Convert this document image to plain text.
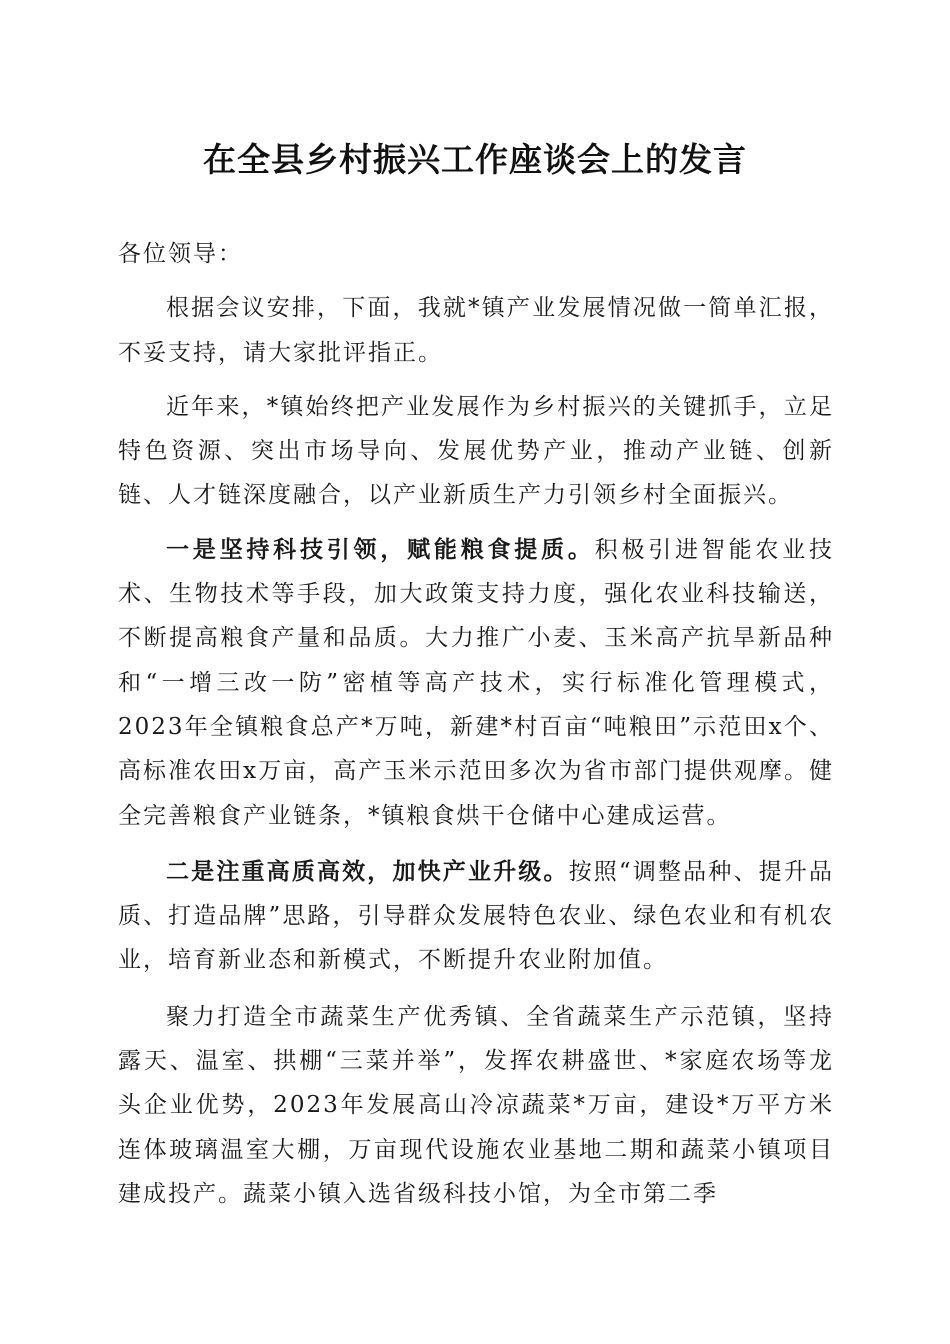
在全县乡村振兴工作座谈会上的发言

各位领导：

根据会议安排，下面，我就*镇产业发展情况做一简单汇报，不妥支持，请大家批评指正。

近年来，*镇始终把产业发展作为乡村振兴的关键抓手，立足特色资源、突出市场导向、发展优势产业，推动产业链、创新链、人才链深度融合，以产业新质生产力引领乡村全面振兴。

一是坚持科技引领，赋能粮食提质。积极引进智能农业技术、生物技术等手段，加大政策支持力度，强化农业科技输送，不断提高粮食产量和品质。大力推广小麦、玉米高产抗旱新品种和“一增三改一防”密植等高产技术，实行标准化管理模式，2023年全镇粮食总产*万吨，新建*村百亩“吨粮田”示范田x个、高标准农田x万亩，高产玉米示范田多次为省市部门提供观摩。健全完善粮食产业链条，*镇粮食烘干仓储中心建成运营。

二是注重高质高效，加快产业升级。按照“调整品种、提升品质、打造品牌”思路，引导群众发展特色农业、绿色农业和有机农业，培育新业态和新模式，不断提升农业附加值。

聚力打造全市蔬菜生产优秀镇、全省蔬菜生产示范镇，坚持露天、温室、拱棚“三菜并举”，发挥农耕盛世、*家庭农场等龙头企业优势，2023年发展高山冷凉蔬菜*万亩，建设*万平方米连体玻璃温室大棚，万亩现代设施农业基地二期和蔬菜小镇项目建成投产。蔬菜小镇入选省级科技小馆，为全市第二季
